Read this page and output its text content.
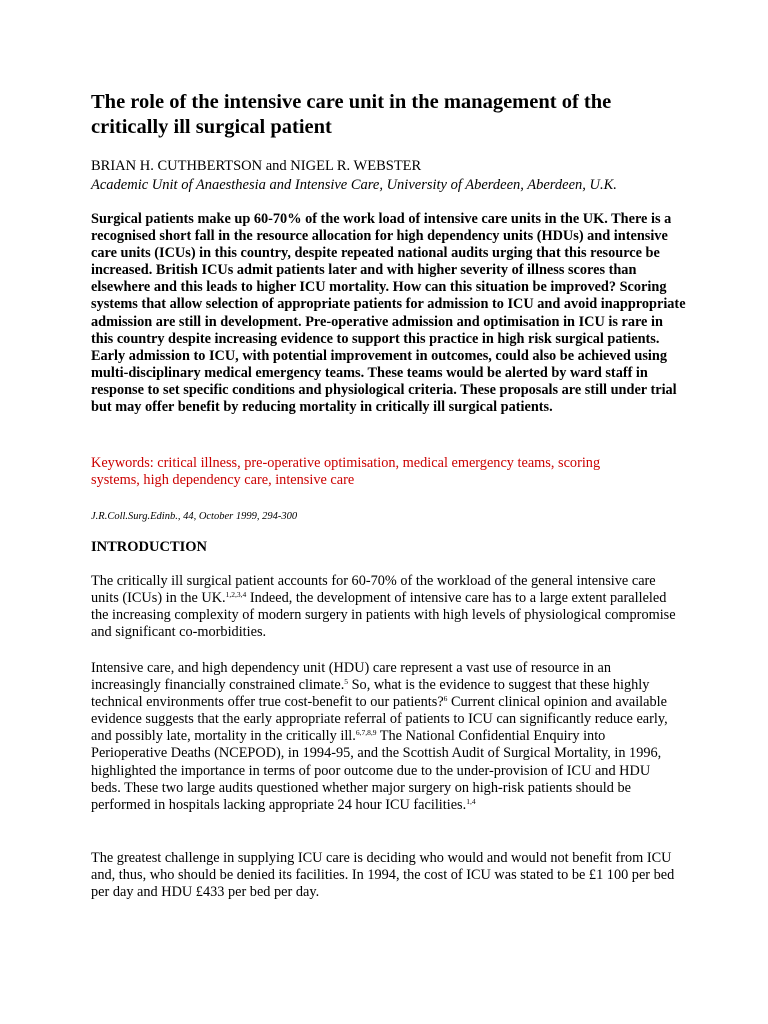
The role of the intensive care unit in the management of the critically ill surgical patient
BRIAN H. CUTHBERTSON and NIGEL R. WEBSTER
Academic Unit of Anaesthesia and Intensive Care, University of Aberdeen, Aberdeen, U.K.

Surgical patients make up 60-70% of the work load of intensive care units in the UK. There is a recognised short fall in the resource allocation for high dependency units (HDUs) and intensive care units (ICUs) in this country, despite repeated national audits urging that this resource be increased. British ICUs admit patients later and with higher severity of illness scores than elsewhere and this leads to higher ICU mortality. How can this situation be improved? Scoring systems that allow selection of appropriate patients for admission to ICU and avoid inappropriate admission are still in development. Pre-operative admission and optimisation in ICU is rare in this country despite increasing evidence to support this practice in high risk surgical patients. Early admission to ICU, with potential improvement in outcomes, could also be achieved using multi-disciplinary medical emergency teams. These teams would be alerted by ward staff in response to set specific conditions and physiological criteria. These proposals are still under trial but may offer benefit by reducing mortality in critically ill surgical patients.

Keywords: critical illness, pre-operative optimisation, medical emergency teams, scoring systems, high dependency care, intensive care

J.R.Coll.Surg.Edinb., 44, October 1999, 294-300

INTRODUCTION

The critically ill surgical patient accounts for 60-70% of the workload of the general intensive care units (ICUs) in the UK.$^{1,2,3,4}$ Indeed, the development of intensive care has to a large extent paralleled the increasing complexity of modern surgery in patients with high levels of physiological compromise and significant co-morbidities.

Intensive care, and high dependency unit (HDU) care represent a vast use of resource in an increasingly financially constrained climate.$^5$ So, what is the evidence to suggest that these highly technical environments offer true cost-benefit to our patients?$^6$ Current clinical opinion and available evidence suggests that the early appropriate referral of patients to ICU can significantly reduce early, and possibly late, mortality in the critically ill.$^{6,7,8,9}$ The National Confidential Enquiry into Perioperative Deaths (NCEPOD), in 1994-95, and the Scottish Audit of Surgical Mortality, in 1996, highlighted the importance in terms of poor outcome due to the under-provision of ICU and HDU beds. These two large audits questioned whether major surgery on high-risk patients should be performed in hospitals lacking appropriate 24 hour ICU facilities.$^{1,4}$

The greatest challenge in supplying ICU care is deciding who would and would not benefit from ICU and, thus, who should be denied its facilities. In 1994, the cost of ICU was stated to be £1 100 per bed per day and HDU £433 per bed per day.
